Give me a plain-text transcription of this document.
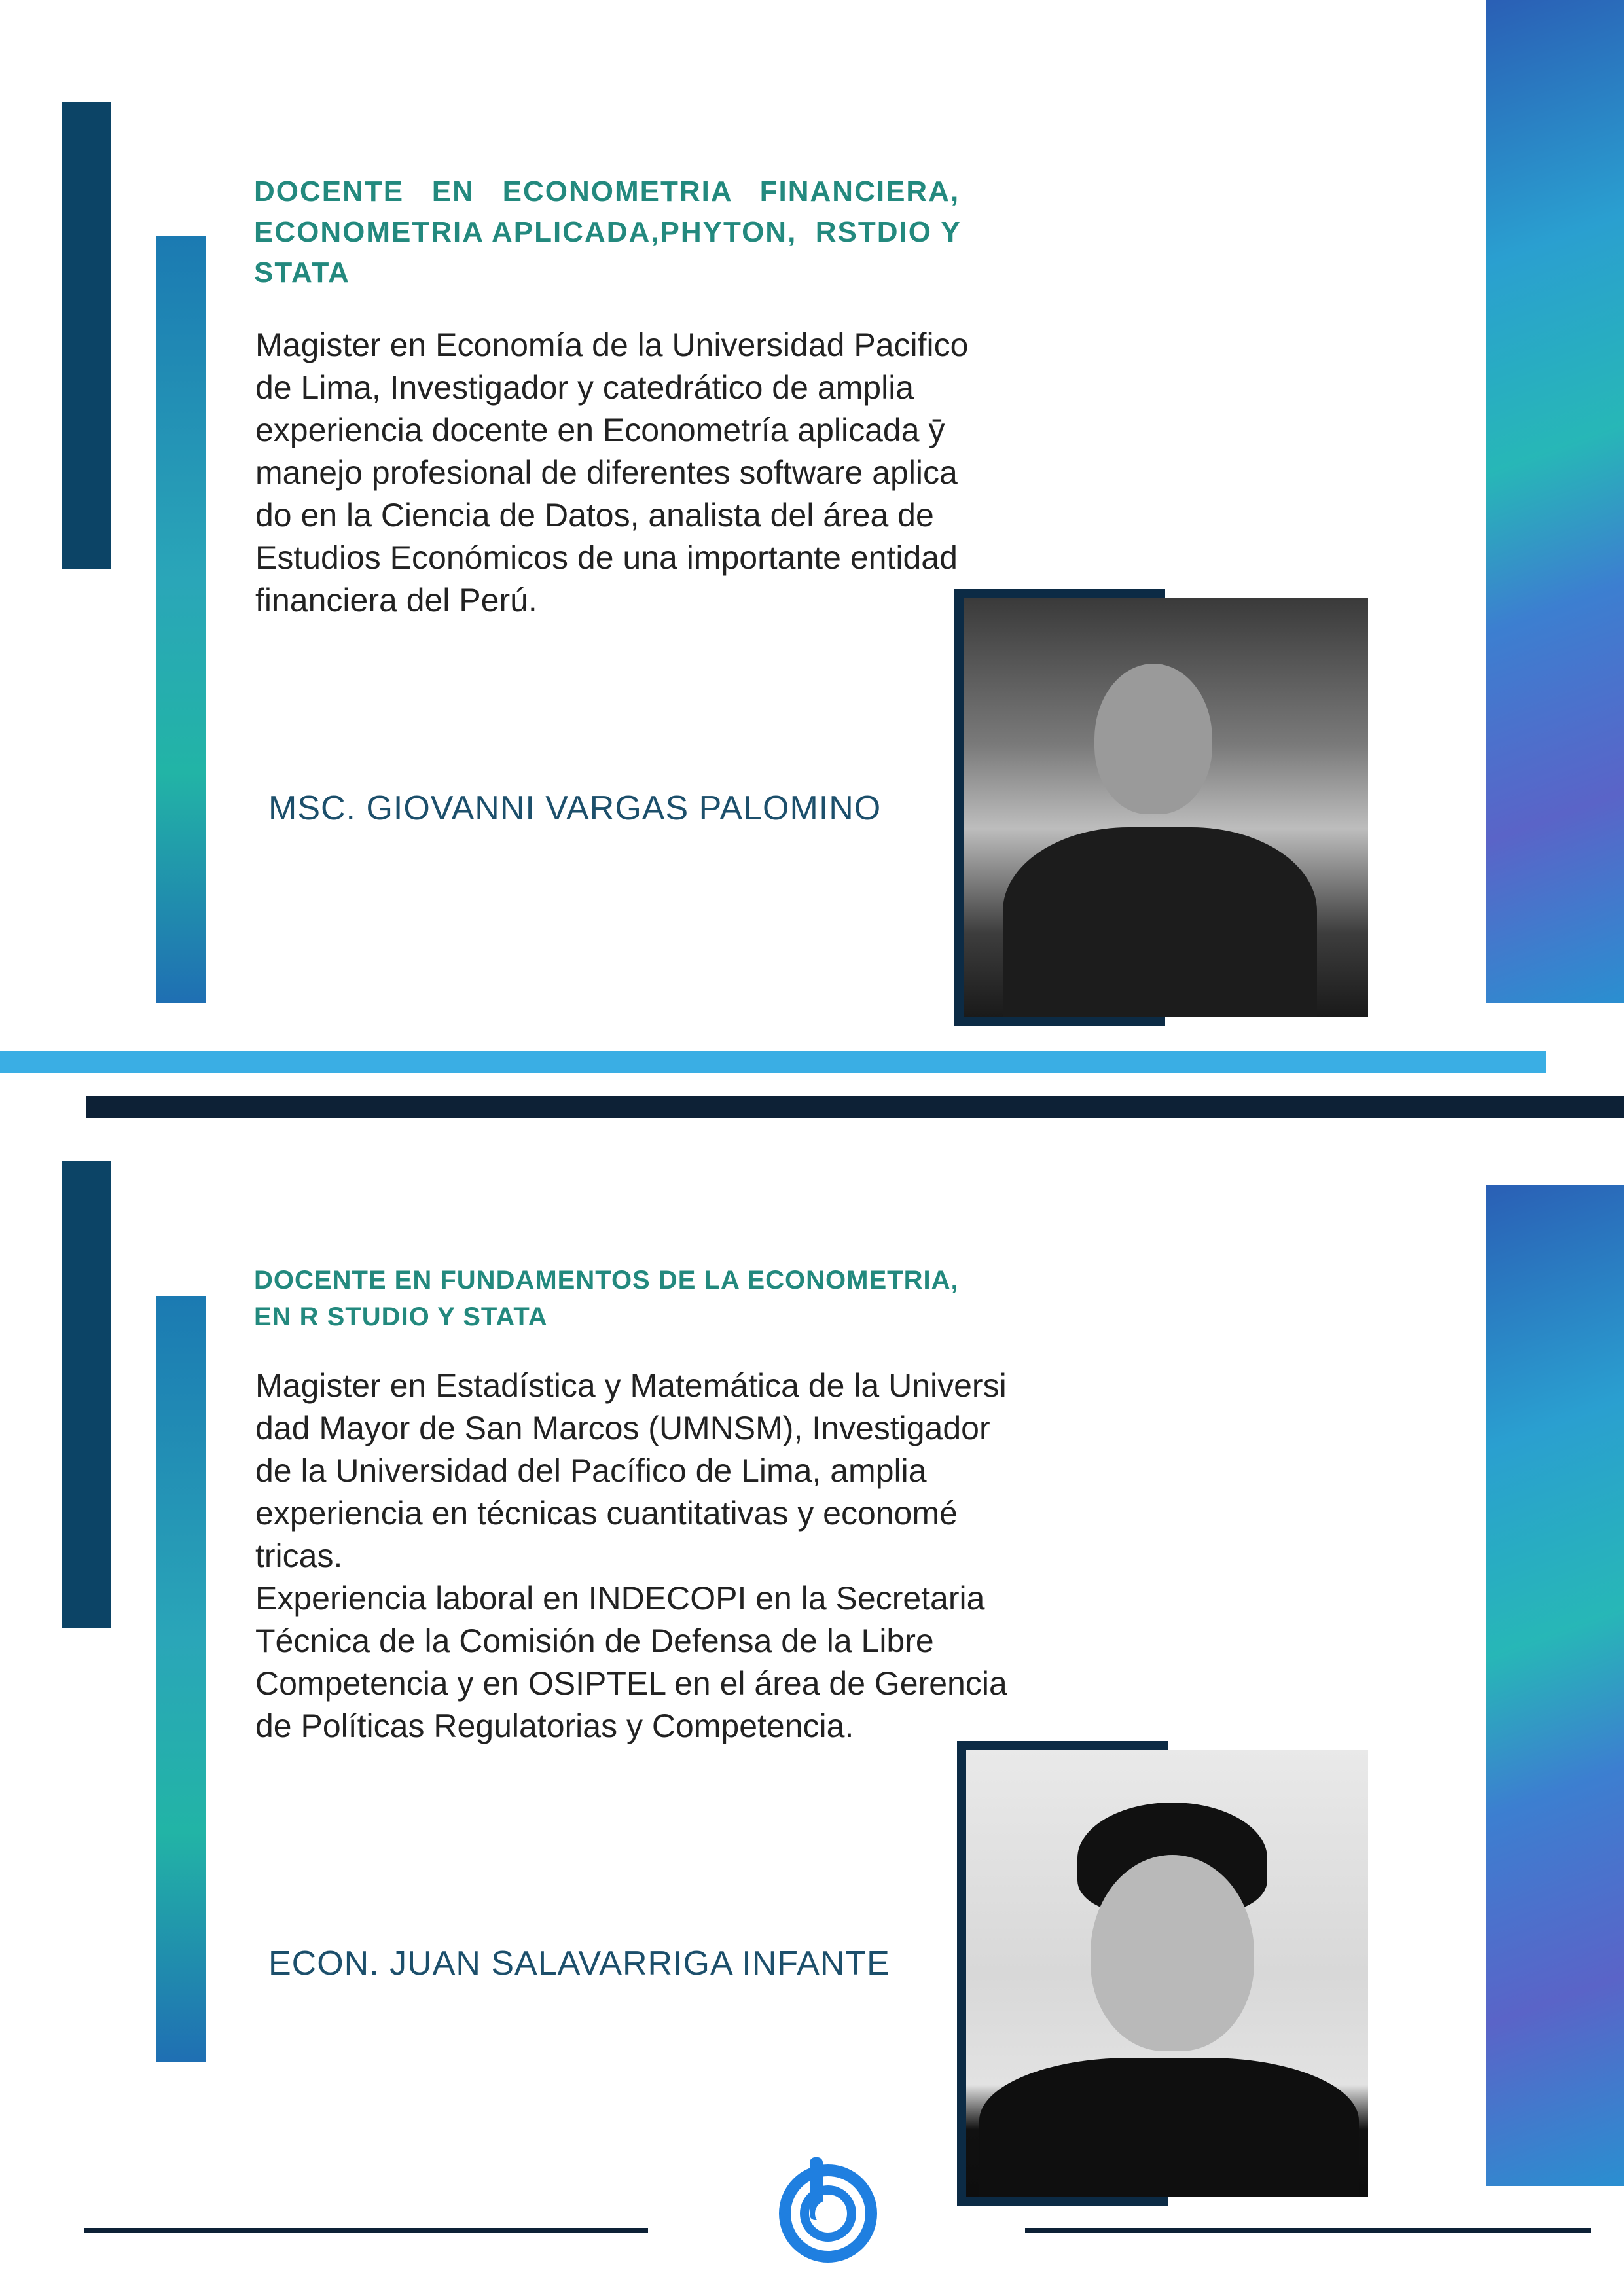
DOCENTE   EN   ECONOMETRIA   FINANCIERA,
ECONOMETRIA APLICADA,PHYTON,  RSTDIO Y
STATA
Magister en Economía de la Universidad Pacifico
de Lima, Investigador y catedrático de amplia
experiencia docente en Econometría aplicada ȳ
manejo profesional de diferentes software aplica
do en la Ciencia de Datos, analista del área de
Estudios Económicos de una importante entidad
financiera del Perú.
MSC. GIOVANNI VARGAS PALOMINO
DOCENTE EN FUNDAMENTOS DE LA ECONOMETRIA,
EN R STUDIO Y STATA
Magister en Estadística y Matemática de la Universi
dad Mayor de San Marcos (UMNSM), Investigador
de la Universidad del Pacífico de Lima, amplia
experiencia en técnicas cuantitativas y economé
tricas.
Experiencia laboral en INDECOPI en la Secretaria
Técnica de la Comisión de Defensa de la Libre
Competencia y en OSIPTEL en el área de Gerencia
de Políticas Regulatorias y Competencia.
ECON. JUAN SALAVARRIGA INFANTE
